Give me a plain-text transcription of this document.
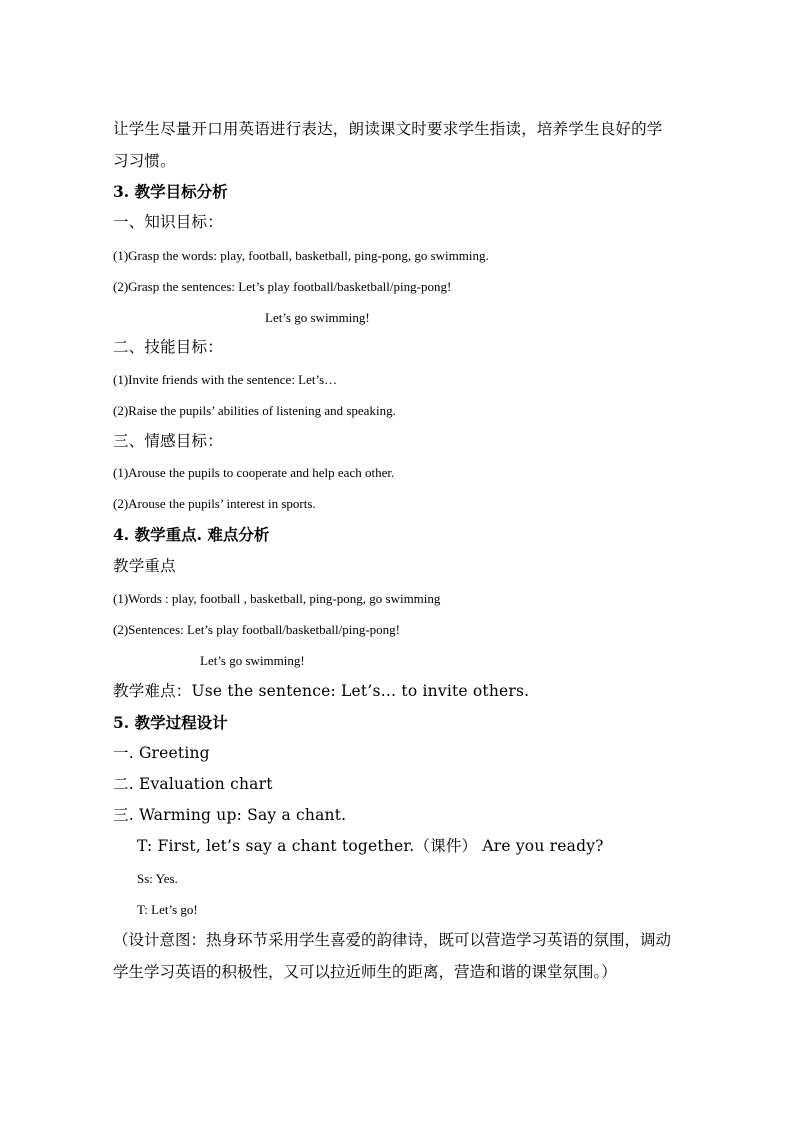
让学生尽量开口用英语进行表达，朗读课文时要求学生指读，培养学生良好的学
习习惯。
3. 教学目标分析
一、知识目标：
(1)Grasp the words: play, football, basketball, ping-pong, go swimming.
(2)Grasp the sentences: Let’s play football/basketball/ping-pong!
Let’s go swimming!
二、技能目标：
(1)Invite friends with the sentence: Let’s…
(2)Raise the pupils’ abilities of listening and speaking.
三、情感目标：
(1)Arouse the pupils to cooperate and help each other.
(2)Arouse the pupils’ interest in sports.
4. 教学重点. 难点分析
教学重点
(1)Words : play, football , basketball, ping-pong, go swimming
(2)Sentences: Let’s play football/basketball/ping-pong!
Let’s go swimming!
教学难点：Use the sentence: Let’s… to invite others.
5. 教学过程设计
一. Greeting
二. Evaluation chart
三. Warming up: Say a chant.
T: First, let’s say a chant together.（课件） Are you ready?
Ss: Yes.
T: Let’s go!
（设计意图：热身环节采用学生喜爱的韵律诗，既可以营造学习英语的氛围，调动
学生学习英语的积极性，又可以拉近师生的距离，营造和谐的课堂氛围。）
